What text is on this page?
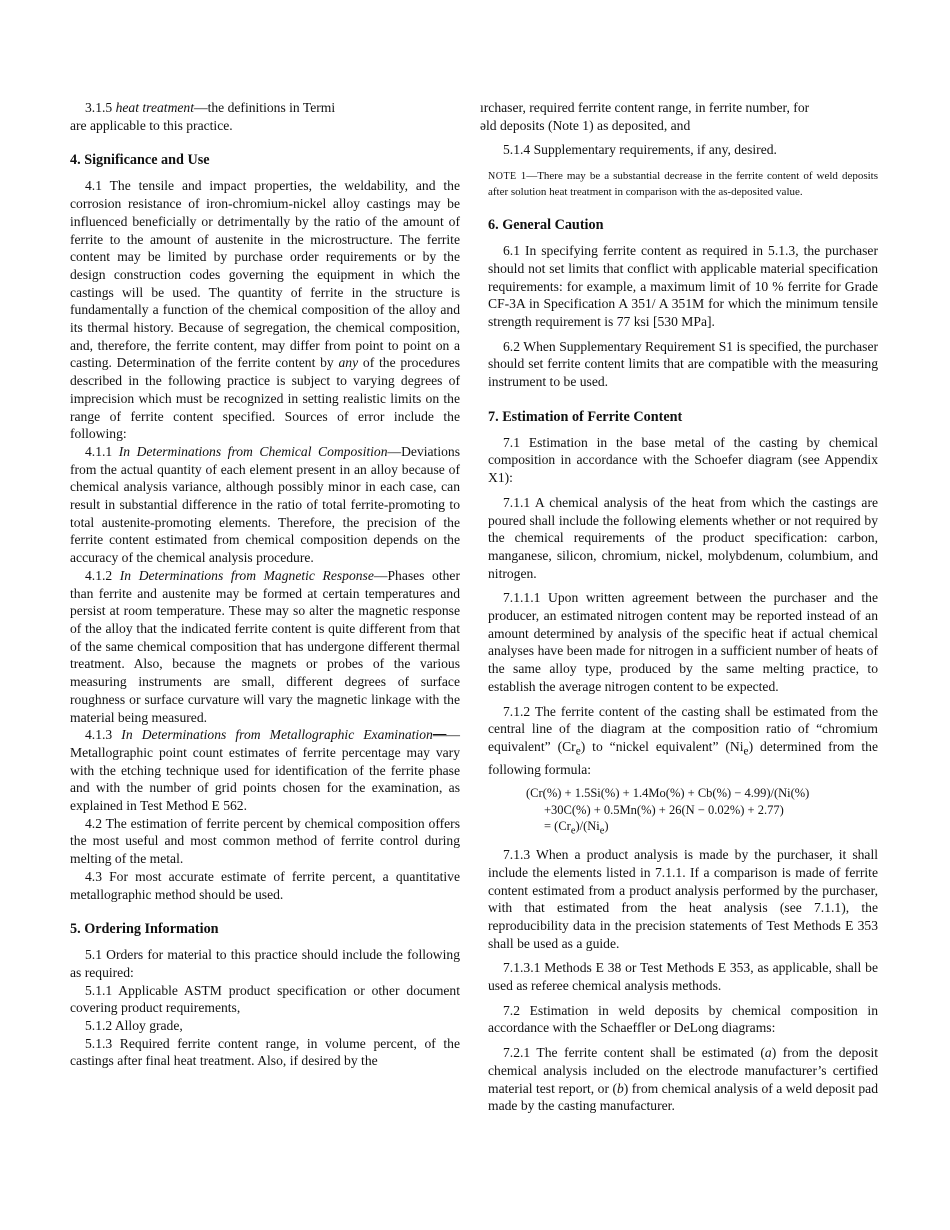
3.1.5 heat treatment—the definitions in Termi

are applicable to this practice.

4. Significance and Use

4.1 The tensile and impact properties, the weldability, and the corrosion resistance of iron-chromium-nickel alloy castings may be influenced beneficially or detrimentally by the ratio of the amount of ferrite to the amount of austenite in the microstructure. The ferrite content may be limited by purchase order requirements or by the design construction codes governing the equipment in which the castings will be used. The quantity of ferrite in the structure is fundamentally a function of the chemical composition of the alloy and its thermal history. Because of segregation, the chemical composition, and, therefore, the ferrite content, may differ from point to point on a casting. Determination of the ferrite content by any of the procedures described in the following practice is subject to varying degrees of imprecision which must be recognized in setting realistic limits on the range of ferrite content specified. Sources of error include the following:

4.1.1 In Determinations from Chemical Composition—Deviations from the actual quantity of each element present in an alloy because of chemical analysis variance, although possibly minor in each case, can result in substantial difference in the ratio of total ferrite-promoting to total austenite-promoting elements. Therefore, the precision of the ferrite content estimated from chemical composition depends on the accuracy of the chemical analysis procedure.

4.1.2 In Determinations from Magnetic Response—Phases other than ferrite and austenite may be formed at certain temperatures and persist at room temperature. These may so alter the magnetic response of the alloy that the indicated ferrite content is quite different from that of the same chemical composition that has undergone different thermal treatment. Also, because the magnets or probes of the various measuring instruments are small, different degrees of surface roughness or surface curvature will vary the magnetic linkage with the material being measured.

4.1.3 In Determinations from Metallographic Examination——Metallographic point count estimates of ferrite percentage may vary with the etching technique used for identification of the ferrite phase and with the number of grid points chosen for the examination, as explained in Test Method E 562.

4.2 The estimation of ferrite percent by chemical composition offers the most useful and most common method of ferrite control during melting of the metal.

4.3 For most accurate estimate of ferrite percent, a quantitative metallographic method should be used.

5. Ordering Information

5.1 Orders for material to this practice should include the following as required:

5.1.1 Applicable ASTM product specification or other document covering product requirements,

5.1.2 Alloy grade,

5.1.3 Required ferrite content range, in volume percent, of the castings after final heat treatment. Also, if desired by the

ırchaser, required ferrite content range, in ferrite number, for

əld deposits (Note 1) as deposited, and

5.1.4 Supplementary requirements, if any, desired.

NOTE 1—There may be a substantial decrease in the ferrite content of weld deposits after solution heat treatment in comparison with the as-deposited value.

6. General Caution

6.1 In specifying ferrite content as required in 5.1.3, the purchaser should not set limits that conflict with applicable material specification requirements: for example, a maximum limit of 10 % ferrite for Grade CF-3A in Specification A 351/ A 351M for which the minimum tensile strength requirement is 77 ksi [530 MPa].

6.2 When Supplementary Requirement S1 is specified, the purchaser should set ferrite content limits that are compatible with the measuring instrument to be used.

7. Estimation of Ferrite Content

7.1 Estimation in the base metal of the casting by chemical composition in accordance with the Schoefer diagram (see Appendix X1):

7.1.1 A chemical analysis of the heat from which the castings are poured shall include the following elements whether or not required by the chemical requirements of the product specification: carbon, manganese, silicon, chromium, nickel, molybdenum, columbium, and nitrogen.

7.1.1.1 Upon written agreement between the purchaser and the producer, an estimated nitrogen content may be reported instead of an amount determined by analysis of the specific heat if actual chemical analyses have been made for nitrogen in a sufficient number of heats of the same alloy type, produced by the same melting practice, to establish the average nitrogen content to be expected.

7.1.2 The ferrite content of the casting shall be estimated from the central line of the diagram at the composition ratio of “chromium equivalent” $(Cr_e)$ to “nickel equivalent” $(Ni_e)$ determined from the following formula:

(Cr(%) + 1.5Si(%) + 1.4Mo(%) + Cb(%) − 4.99)/(Ni(%)
+30C(%) + 0.5Mn(%) + 26(N − 0.02%) + 2.77)
= $(Cr_e)/(Ni_e)$

7.1.3 When a product analysis is made by the purchaser, it shall include the elements listed in 7.1.1. If a comparison is made of ferrite content estimated from a product analysis performed by the purchaser, with that estimated from the heat analysis (see 7.1.1), the reproducibility data in the precision statements of Test Methods E 353 shall be used as a guide.

7.1.3.1 Methods E 38 or Test Methods E 353, as applicable, shall be used as referee chemical analysis methods.

7.2 Estimation in weld deposits by chemical composition in accordance with the Schaeffler or DeLong diagrams:

7.2.1 The ferrite content shall be estimated (a) from the deposit chemical analysis included on the electrode manufacturer’s certified material test report, or (b) from chemical analysis of a weld deposit pad made by the casting manufacturer.
